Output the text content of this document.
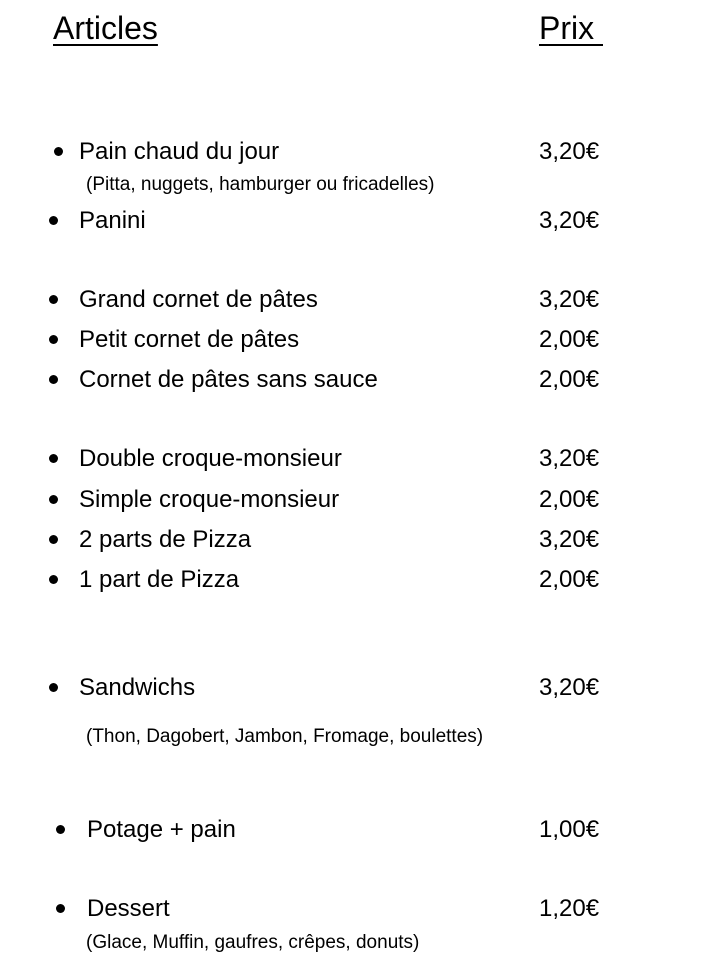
Articles	Prix
Pain chaud du jour	3,20€
(Pitta, nuggets, hamburger ou fricadelles)
Panini	3,20€
Grand cornet de pâtes	3,20€
Petit cornet de pâtes	2,00€
Cornet de pâtes sans sauce	2,00€
Double croque-monsieur	3,20€
Simple croque-monsieur	2,00€
2 parts de Pizza	3,20€
1 part de Pizza	2,00€
Sandwichs	3,20€
(Thon, Dagobert, Jambon, Fromage, boulettes)
Potage + pain	1,00€
Dessert	1,20€
(Glace, Muffin, gaufres, crêpes, donuts)
